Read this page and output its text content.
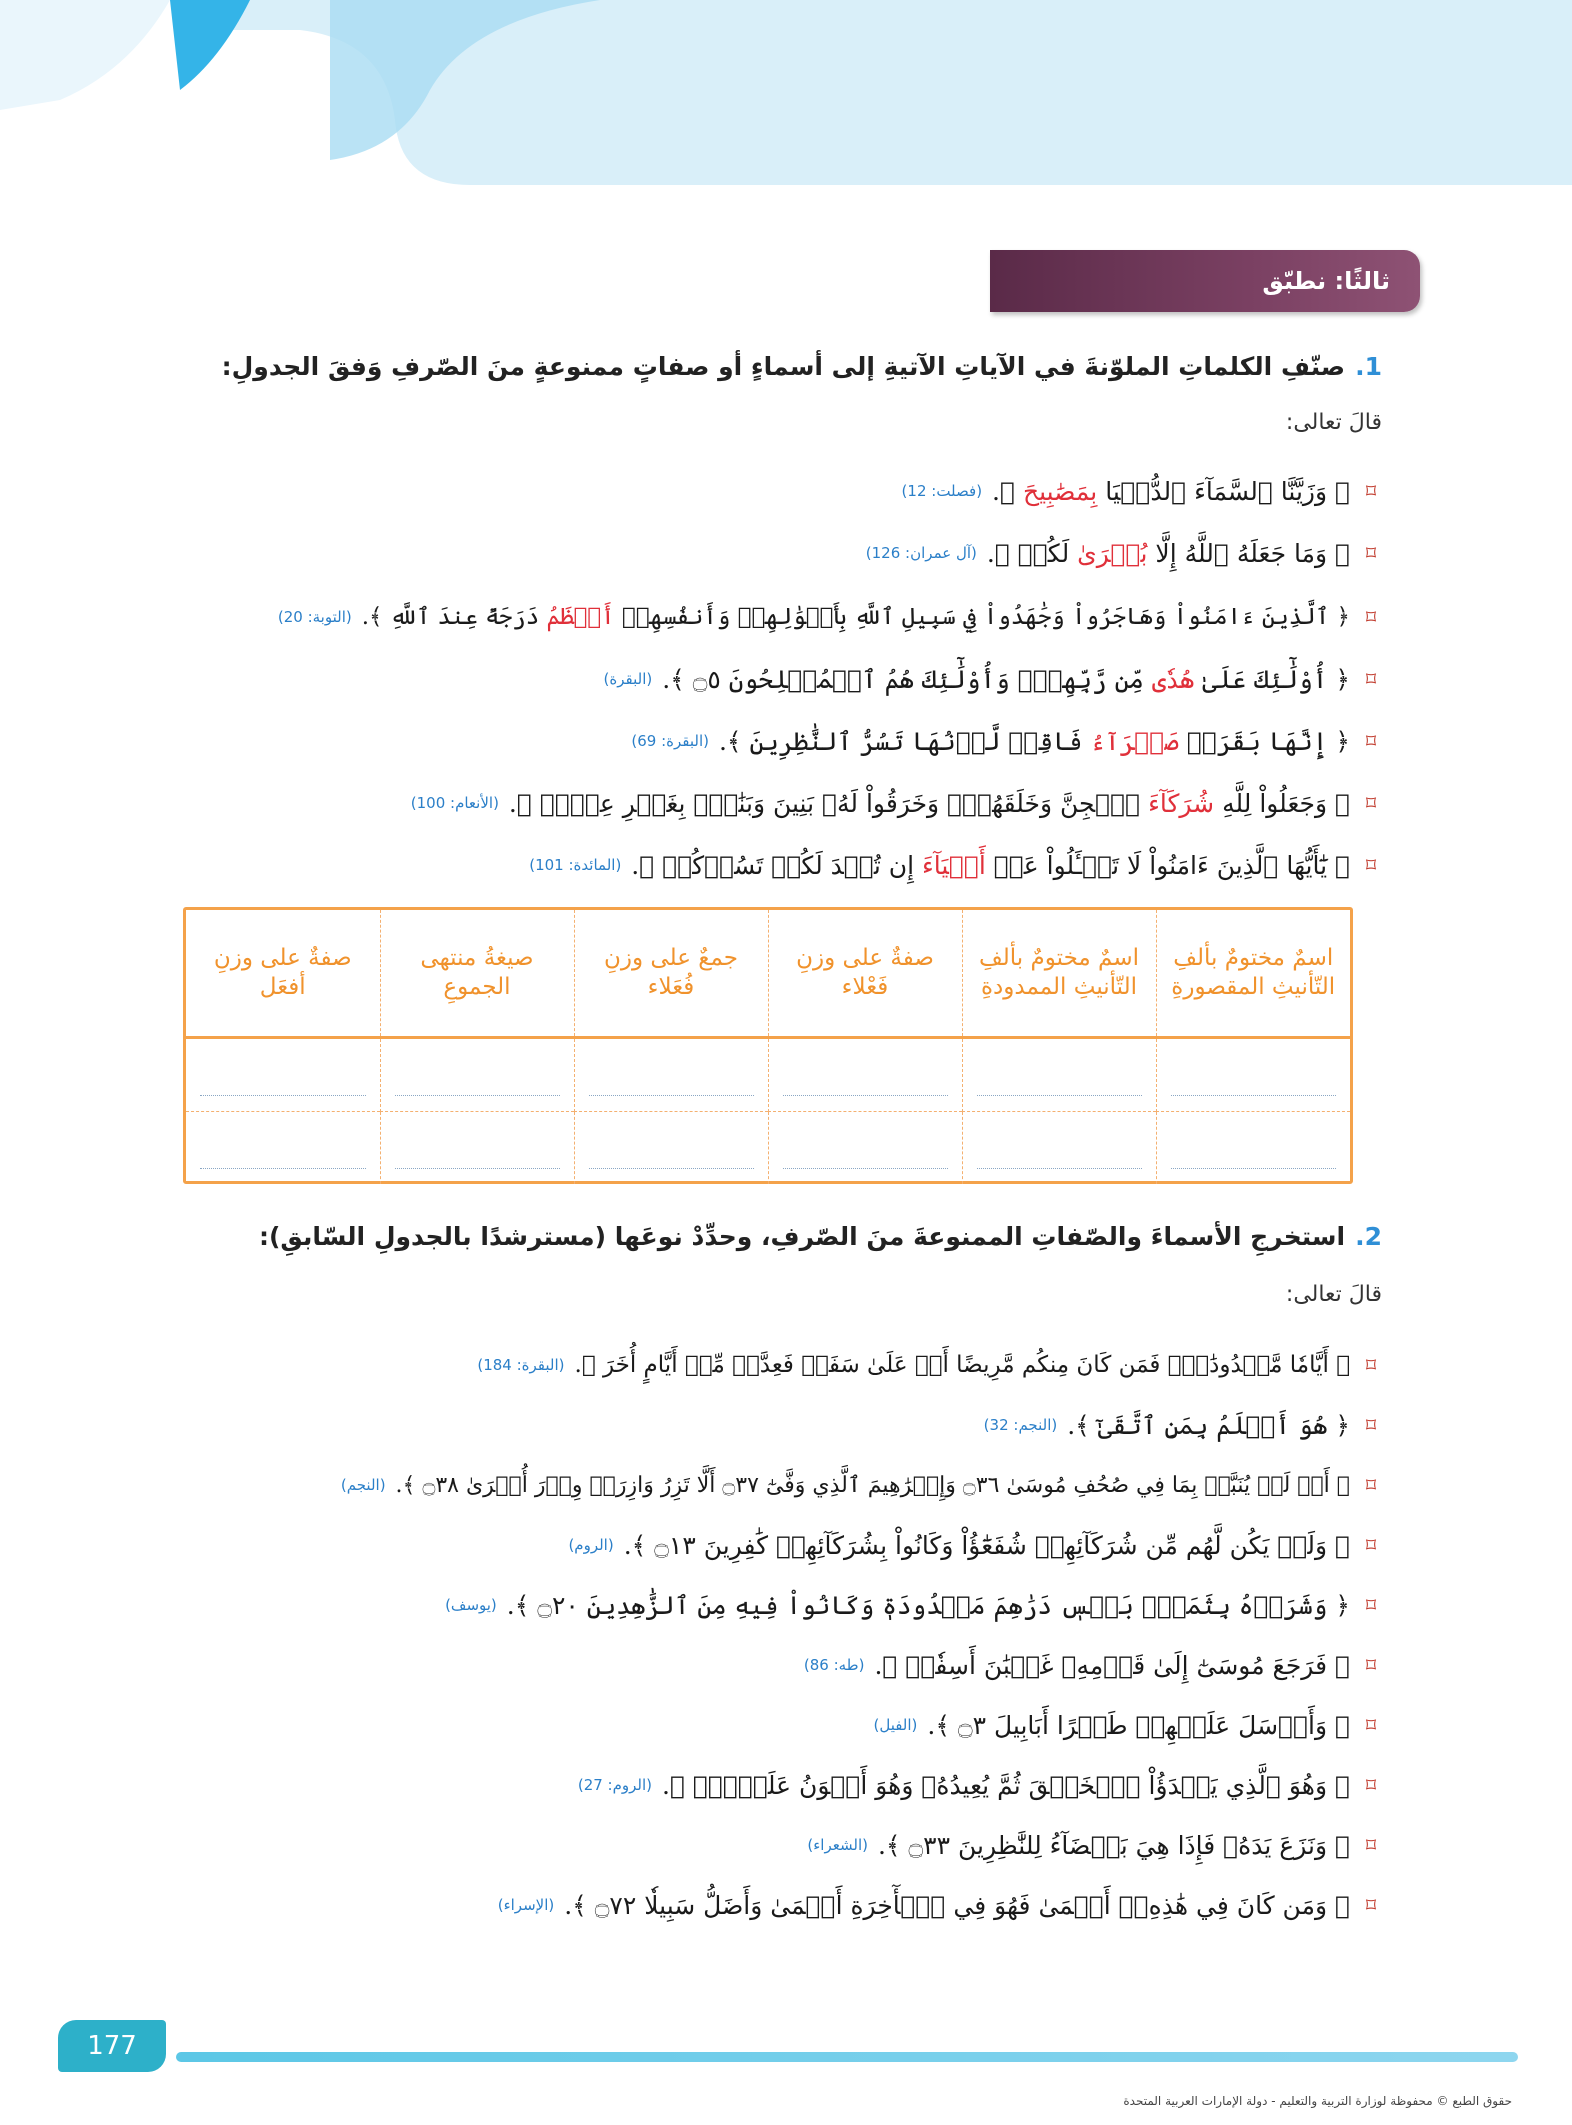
ثالثًا: نطبّق
1.
صنّفِ الكلماتِ الملوّنةَ في الآياتِ الآتيةِ إلى أسماءٍ أو صفاتٍ ممنوعةٍ منَ الصّرفِ وَفقَ الجدولِ:
قالَ تعالى:
⌑
﴿ وَزَيَّنَّا ٱلسَّمَآءَ ٱلدُّنۡيَا بِمَصَٰبِيحَ ﴾.
(فصلت: 12)
⌑
﴿ وَمَا جَعَلَهُ ٱللَّهُ إِلَّا بُشۡرَىٰ لَكُمۡ ﴾.
(آل عمران: 126)
⌑
﴿ ٱلَّذِينَ ءَامَنُواْ وَهَاجَرُواْ وَجَٰهَدُواْ فِي سَبِيلِ ٱللَّهِ بِأَمۡوَٰلِهِمۡ وَأَنفُسِهِمۡ أَعۡظَمُ دَرَجَةً عِندَ ٱللَّهِ ﴾.
(التوبة: 20)
⌑
﴿ أُوْلَٰٓئِكَ عَلَىٰ هُدٗى مِّن رَّبِّهِمۡۖ وَأُوْلَٰٓئِكَ هُمُ ٱلۡمُفۡلِحُونَ ۝٥ ﴾.
(البقرة)
⌑
﴿ إِنَّهَا بَقَرَةٞ صَفۡرَآءُ فَاقِعٞ لَّوۡنُهَا تَسُرُّ ٱلنَّٰظِرِينَ ﴾.
(البقرة: 69)
⌑
﴿ وَجَعَلُواْ لِلَّهِ شُرَكَآءَ ٱلۡجِنَّ وَخَلَقَهُمۡۖ وَخَرَقُواْ لَهُۥ بَنِينَ وَبَنَٰتِۭ بِغَيۡرِ عِلۡمٖ ﴾.
(الأنعام: 100)
⌑
﴿ يَٰٓأَيُّهَا ٱلَّذِينَ ءَامَنُواْ لَا تَسۡـَٔلُواْ عَنۡ أَشۡيَآءَ إِن تُبۡدَ لَكُمۡ تَسُؤۡكُمۡ ﴾.
(المائدة: 101)
اسمٌ مختومٌ بألفِ التّأنيثِ المقصورةِ	اسمٌ مختومٌ بألفِ التّأنيثِ الممدودةِ	صفةٌ على وزنِ فَعْلاء	جمعٌ على وزنِ فُعَلاء	صيغةُ منتهى الجموعِ	صفةٌ على وزنِ أفعَل

2.
استخرجِ الأسماءَ والصّفاتِ الممنوعةَ منَ الصّرفِ، وحدِّدْ نوعَها (مسترشدًا بالجدولِ السّابقِ):
قالَ تعالى:
⌑
﴿ أَيَّامٗا مَّعۡدُودَٰتٖۚ فَمَن كَانَ مِنكُم مَّرِيضًا أَوۡ عَلَىٰ سَفَرٖ فَعِدَّةٞ مِّنۡ أَيَّامٍ أُخَرَ ﴾.
(البقرة: 184)
⌑
﴿ هُوَ أَعۡلَمُ بِمَنِ ٱتَّقَىٰٓ ﴾.
(النجم: 32)
⌑
﴿ أَمۡ لَمۡ يُنَبَّأۡ بِمَا فِي صُحُفِ مُوسَىٰ ۝٣٦ وَإِبۡرَٰهِيمَ ٱلَّذِي وَفَّىٰٓ ۝٣٧ أَلَّا تَزِرُ وَازِرَةٞ وِزۡرَ أُخۡرَىٰ ۝٣٨ ﴾.
(النجم)
⌑
﴿ وَلَمۡ يَكُن لَّهُم مِّن شُرَكَآئِهِمۡ شُفَعَٰٓؤُاْ وَكَانُواْ بِشُرَكَآئِهِمۡ كَٰفِرِينَ ۝١٣ ﴾.
(الروم)
⌑
﴿ وَشَرَوۡهُ بِثَمَنِۭ بَخۡسٖ دَرَٰهِمَ مَعۡدُودَةٖ وَكَانُواْ فِيهِ مِنَ ٱلزَّٰهِدِينَ ۝٢٠ ﴾.
(يوسف)
⌑
﴿ فَرَجَعَ مُوسَىٰٓ إِلَىٰ قَوۡمِهِۦ غَضۡبَٰنَ أَسِفٗاۚ ﴾.
(طه: 86)
⌑
﴿ وَأَرۡسَلَ عَلَيۡهِمۡ طَيۡرًا أَبَابِيلَ ۝٣ ﴾.
(الفيل)
⌑
﴿ وَهُوَ ٱلَّذِي يَبۡدَؤُاْ ٱلۡخَلۡقَ ثُمَّ يُعِيدُهُۥ وَهُوَ أَهۡوَنُ عَلَيۡهِۚ ﴾.
(الروم: 27)
⌑
﴿ وَنَزَعَ يَدَهُۥ فَإِذَا هِيَ بَيۡضَآءُ لِلنَّٰظِرِينَ ۝٣٣ ﴾.
(الشعراء)
⌑
﴿ وَمَن كَانَ فِي هَٰذِهِۦٓ أَعۡمَىٰ فَهُوَ فِي ٱلۡأٓخِرَةِ أَعۡمَىٰ وَأَضَلُّ سَبِيلٗا ۝٧٢ ﴾.
(الإسراء)
177
حقوق الطبع © محفوظة لوزارة التربية والتعليم - دولة الإمارات العربية المتحدة
